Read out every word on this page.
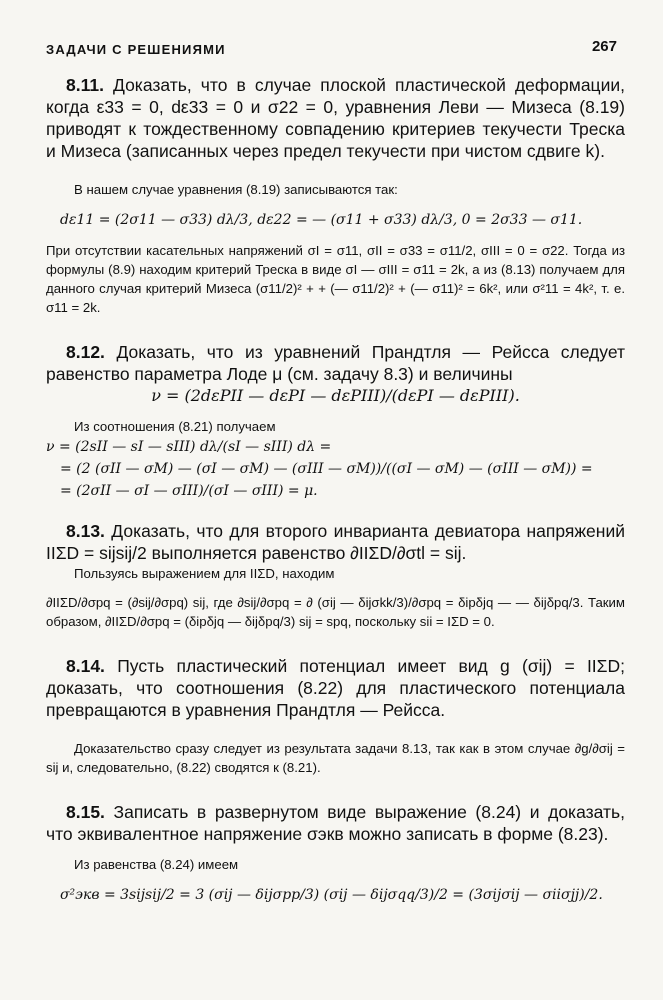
ЗАДАЧИ С РЕШЕНИЯМИ	267

8.11. Доказать, что в случае плоской пластической деформации, когда ε33 = 0, dε33 = 0 и σ22 = 0, уравнения Леви — Мизеса (8.19) приводят к тождественному совпадению критериев текучести Треска и Мизеса (записанных через предел текучести при чистом сдвиге k).

В нашем случае уравнения (8.19) записываются так:

dε11 = (2σ11 — σ33) dλ/3, dε22 = — (σ11 + σ33) dλ/3, 0 = 2σ33 — σ11.

При отсутствии касательных напряжений σI = σ11, σII = σ33 = σ11/2, σIII = 0 = σ22. Тогда из формулы (8.9) находим критерий Треска в виде σI — σIII = σ11 = 2k, а из (8.13) получаем для данного случая критерий Мизеса (σ11/2)² + + (— σ11/2)² + (— σ11)² = 6k², или σ²11 = 4k², т. е. σ11 = 2k.

8.12. Доказать, что из уравнений Прандтля — Рейсса следует равенство параметра Лоде μ (см. задачу 8.3) и величины

ν = (2dεPII — dεPI — dεPIII)/(dεPI — dεPIII).

Из соотношения (8.21) получаем

ν = (2sII — sI — sIII) dλ/(sI — sIII) dλ =

= (2 (σII — σM) — (σI — σM) — (σIII — σM))/((σI — σM) — (σIII — σM)) =

= (2σII — σI — σIII)/(σI — σIII) = μ.

8.13. Доказать, что для второго инварианта девиатора напряжений IIΣD = sijsij/2 выполняется равенство ∂IIΣD/∂σtl = sij.

Пользуясь выражением для IIΣD, находим

∂IIΣD/∂σpq = (∂sij/∂σpq) sij, где ∂sij/∂σpq = ∂ (σij — δijσkk/3)/∂σpq = δipδjq — — δijδpq/3. Таким образом, ∂IIΣD/∂σpq = (δipδjq — δijδpq/3) sij = spq, поскольку sii = IΣD = 0.

8.14. Пусть пластический потенциал имеет вид g (σij) = IIΣD; доказать, что соотношения (8.22) для пластического потенциала превращаются в уравнения Прандтля — Рейсса.

Доказательство сразу следует из результата задачи 8.13, так как в этом случае ∂g/∂σij = sij и, следовательно, (8.22) сводятся к (8.21).

8.15. Записать в развернутом виде выражение (8.24) и доказать, что эквивалентное напряжение σэкв можно записать в форме (8.23).

Из равенства (8.24) имеем

σ²экв = 3sijsij/2 = 3 (σij — δijσpp/3) (σij — δijσqq/3)/2 = (3σijσij — σiiσjj)/2.
